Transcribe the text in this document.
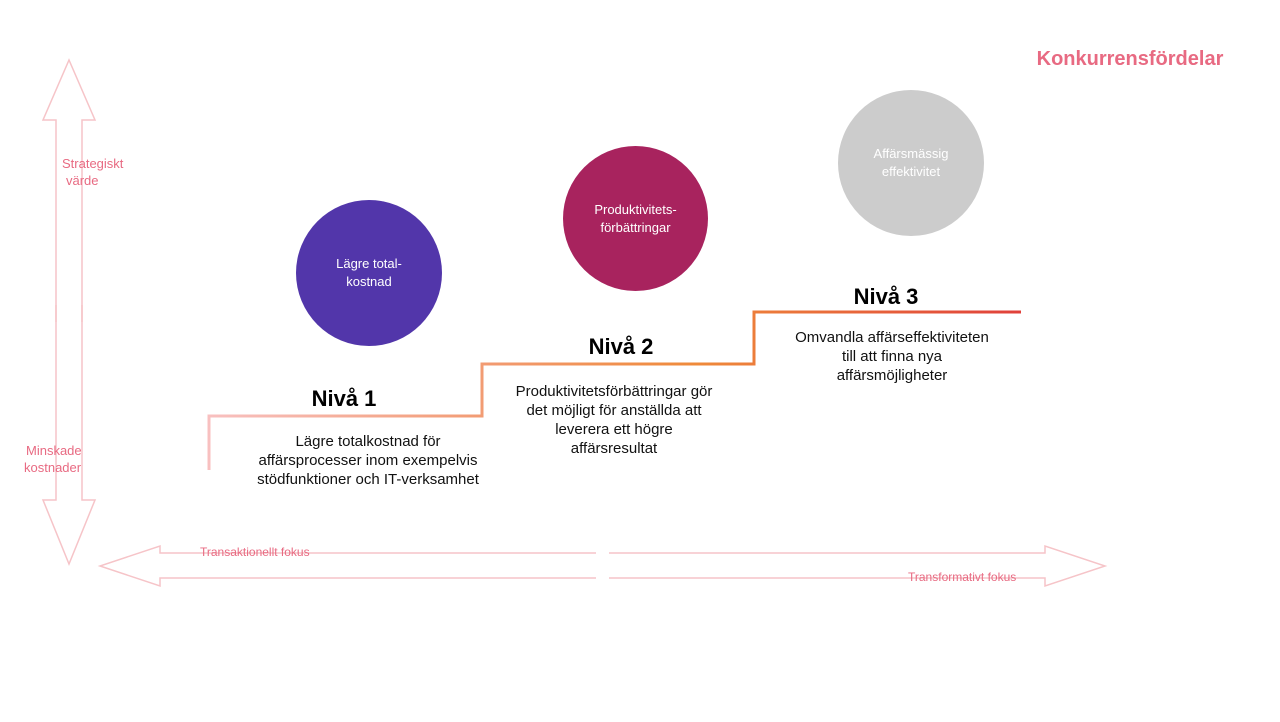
Konkurrensfördelar
Strategiskt
värde
Minskade
kostnader
Transaktionellt fokus
Transformativt fokus
Lägre total-
kostnad
Nivå 1
Lägre totalkostnad för
affärsprocesser inom exempelvis
stödfunktioner och IT-verksamhet
Produktivitets-
förbättringar
Nivå 2
Produktivitetsförbättringar gör
det möjligt för anställda att
leverera ett högre
affärsresultat
Affärsmässig
effektivitet
Nivå 3
Omvandla affärseffektiviteten
till att finna nya
affärsmöjligheter
